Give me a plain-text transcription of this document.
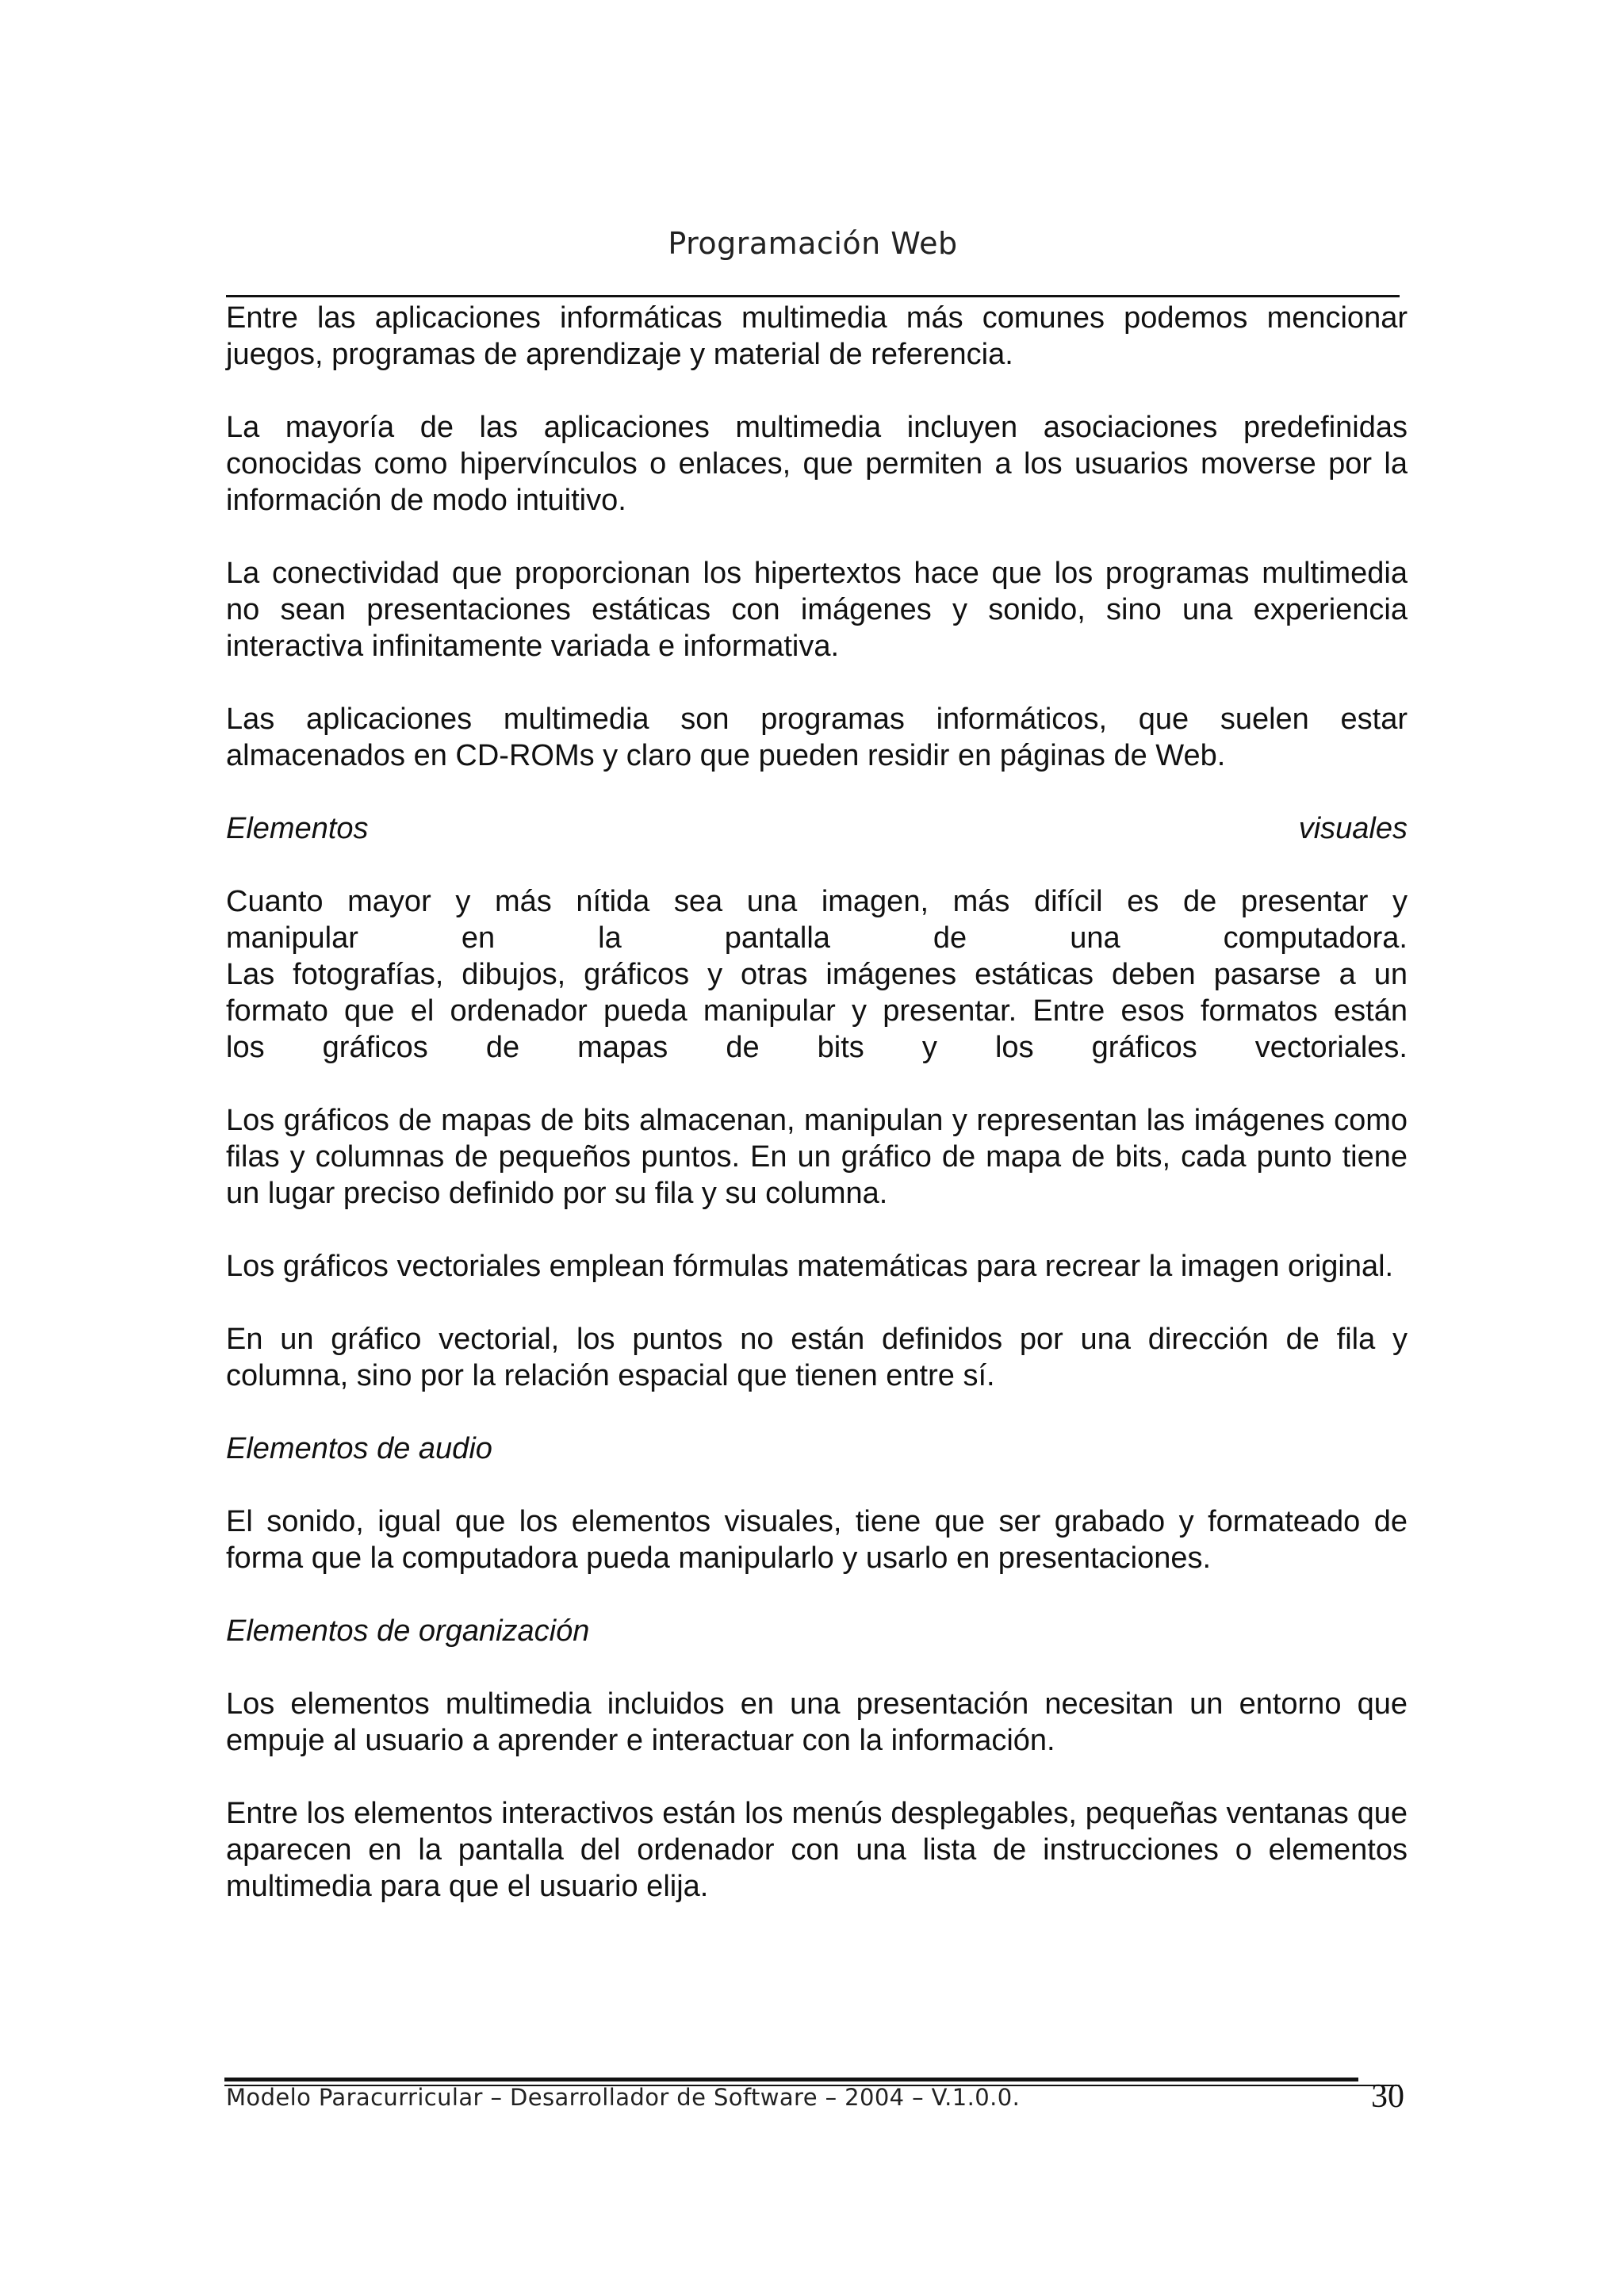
Programación Web

Entre las aplicaciones informáticas multimedia más comunes podemos mencionar juegos, programas de aprendizaje y material de referencia.

La mayoría de las aplicaciones multimedia incluyen asociaciones predefinidas conocidas como hipervínculos o enlaces, que permiten a los usuarios moverse por la información de modo intuitivo.

La conectividad que proporcionan los hipertextos hace que los programas multimedia no sean presentaciones estáticas con imágenes y sonido, sino una experiencia interactiva infinitamente variada e informativa.

Las aplicaciones multimedia son programas informáticos, que suelen estar almacenados en CD-ROMs y claro que pueden residir en páginas de Web.

Elementos	visuales

Cuanto mayor y más nítida sea una imagen, más difícil es de presentar y
manipular en la pantalla de una computadora.
Las fotografías, dibujos, gráficos y otras imágenes estáticas deben pasarse a un
formato que el ordenador pueda manipular y presentar. Entre esos formatos están
los gráficos de mapas de bits y los gráficos vectoriales.

Los gráficos de mapas de bits almacenan, manipulan y representan las imágenes como filas y columnas de pequeños puntos. En un gráfico de mapa de bits, cada punto tiene un lugar preciso definido por su fila y su columna.

Los gráficos vectoriales emplean fórmulas matemáticas para recrear la imagen original.

En un gráfico vectorial, los puntos no están definidos por una dirección de fila y columna, sino por la relación espacial que tienen entre sí.

Elementos de audio

El sonido, igual que los elementos visuales, tiene que ser grabado y formateado de forma que la computadora pueda manipularlo y usarlo en presentaciones.

Elementos de organización

Los elementos multimedia incluidos en una presentación necesitan un entorno que empuje al usuario a aprender e interactuar con la información.

Entre los elementos interactivos están los menús desplegables, pequeñas ventanas que aparecen en la pantalla del ordenador con una lista de instrucciones o elementos multimedia para que el usuario elija.

Modelo Paracurricular – Desarrollador de Software – 2004 – V.1.0.0.	30
